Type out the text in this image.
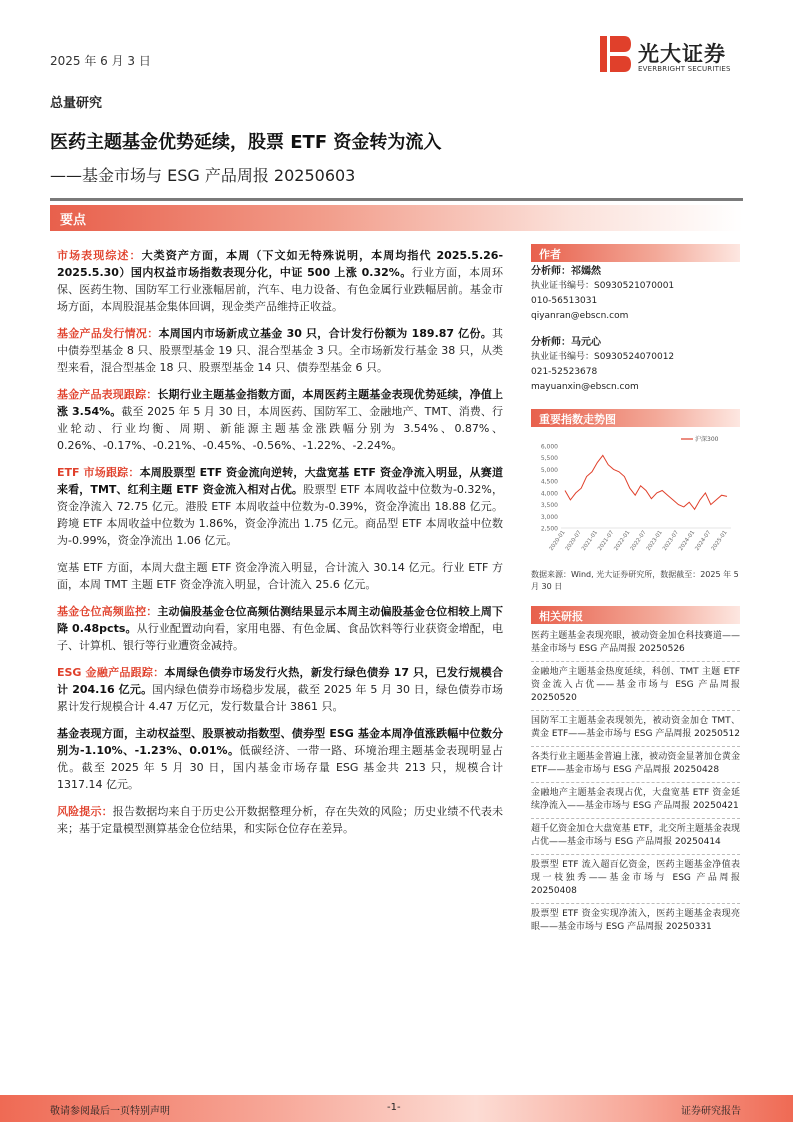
2025 年 6 月 3 日	光大证券
EVERBRIGHT SECURITIES
总量研究
医药主题基金优势延续，股票 ETF 资金转为流入
——基金市场与 ESG 产品周报 20250603
要点

市场表现综述：大类资产方面，本周（下文如无特殊说明，本周均指代 2025.5.26-2025.5.30）国内权益市场指数表现分化，中证 500 上涨 0.32%。行业方面，本周环保、医药生物、国防军工行业涨幅居前，汽车、电力设备、有色金属行业跌幅居前。基金市场方面，本周股混基金集体回调，现金类产品维持正收益。

基金产品发行情况：本周国内市场新成立基金 30 只，合计发行份额为 189.87 亿份。其中债券型基金 8 只、股票型基金 19 只、混合型基金 3 只。全市场新发行基金 38 只，从类型来看，混合型基金 18 只、股票型基金 14 只、债券型基金 6 只。

基金产品表现跟踪：长期行业主题基金指数方面，本周医药主题基金表现优势延续，净值上涨 3.54%。截至 2025 年 5 月 30 日，本周医药、国防军工、金融地产、TMT、消费、行业轮动、行业均衡、周期、新能源主题基金涨跌幅分别为 3.54%、0.87%、0.26%、-0.17%、-0.21%、-0.45%、-0.56%、-1.22%、-2.24%。

ETF 市场跟踪：本周股票型 ETF 资金流向逆转，大盘宽基 ETF 资金净流入明显，从赛道来看，TMT、红利主题 ETF 资金流入相对占优。股票型 ETF 本周收益中位数为-0.32%，资金净流入 72.75 亿元。港股 ETF 本周收益中位数为-0.39%，资金净流出 18.88 亿元。跨境 ETF 本周收益中位数为 1.86%，资金净流出 1.75 亿元。商品型 ETF 本周收益中位数为-0.99%，资金净流出 1.06 亿元。

宽基 ETF 方面，本周大盘主题 ETF 资金净流入明显，合计流入 30.14 亿元。行业 ETF 方面，本周 TMT 主题 ETF 资金净流入明显，合计流入 25.6 亿元。

基金仓位高频监控：主动偏股基金仓位高频估测结果显示本周主动偏股基金仓位相较上周下降 0.48pcts。从行业配置动向看，家用电器、有色金属、食品饮料等行业获资金增配，电子、计算机、银行等行业遭资金减持。

ESG 金融产品跟踪：本周绿色债券市场发行火热，新发行绿色债券 17 只，已发行规模合计 204.16 亿元。国内绿色债券市场稳步发展，截至 2025 年 5 月 30 日，绿色债券市场累计发行规模合计 4.47 万亿元，发行数量合计 3861 只。

基金表现方面，主动权益型、股票被动指数型、债券型 ESG 基金本周净值涨跌幅中位数分别为-1.10%、-1.23%、0.01%。低碳经济、一带一路、环境治理主题基金表现明显占优。截至 2025 年 5 月 30 日，国内基金市场存量 ESG 基金共 213 只，规模合计 1317.14 亿元。

风险提示：报告数据均来自于历史公开数据整理分析，存在失效的风险；历史业绩不代表未来；基于定量模型测算基金仓位结果，和实际仓位存在差异。

作者
分析师：祁嫣然
执业证书编号：S0930521070001
010-56513031
qiyanran@ebscn.com
分析师：马元心
执业证书编号：S0930524070012
021-52523678
mayuanxin@ebscn.com
重要指数走势图
6,000
5,500
5,000
4,500
4,000
3,500
3,000
2,500
2020-01
2020-07
2021-01
2021-07
2022-01
2022-07
2023-01
2023-07
2024-01
2024-07
2025-01
沪深300
数据来源：Wind, 光大证券研究所，数据截至：2025 年 5 月 30 日
相关研报
医药主题基金表现亮眼，被动资金加仓科技赛道——基金市场与 ESG 产品周报 20250526
金融地产主题基金热度延续，科创、TMT 主题 ETF 资金流入占优——基金市场与 ESG 产品周报 20250520
国防军工主题基金表现领先，被动资金加仓 TMT、黄金 ETF——基金市场与 ESG 产品周报 20250512
各类行业主题基金普遍上涨，被动资金显著加仓黄金 ETF——基金市场与 ESG 产品周报 20250428
金融地产主题基金表现占优，大盘宽基 ETF 资金延续净流入——基金市场与 ESG 产品周报 20250421
超千亿资金加仓大盘宽基 ETF，北交所主题基金表现占优——基金市场与 ESG 产品周报 20250414
股票型 ETF 流入超百亿资金，医药主题基金净值表现一枝独秀——基金市场与 ESG 产品周报 20250408
股票型 ETF 资金实现净流入，医药主题基金表现亮眼——基金市场与 ESG 产品周报 20250331
敬请参阅最后一页特别声明	-1-	证券研究报告
